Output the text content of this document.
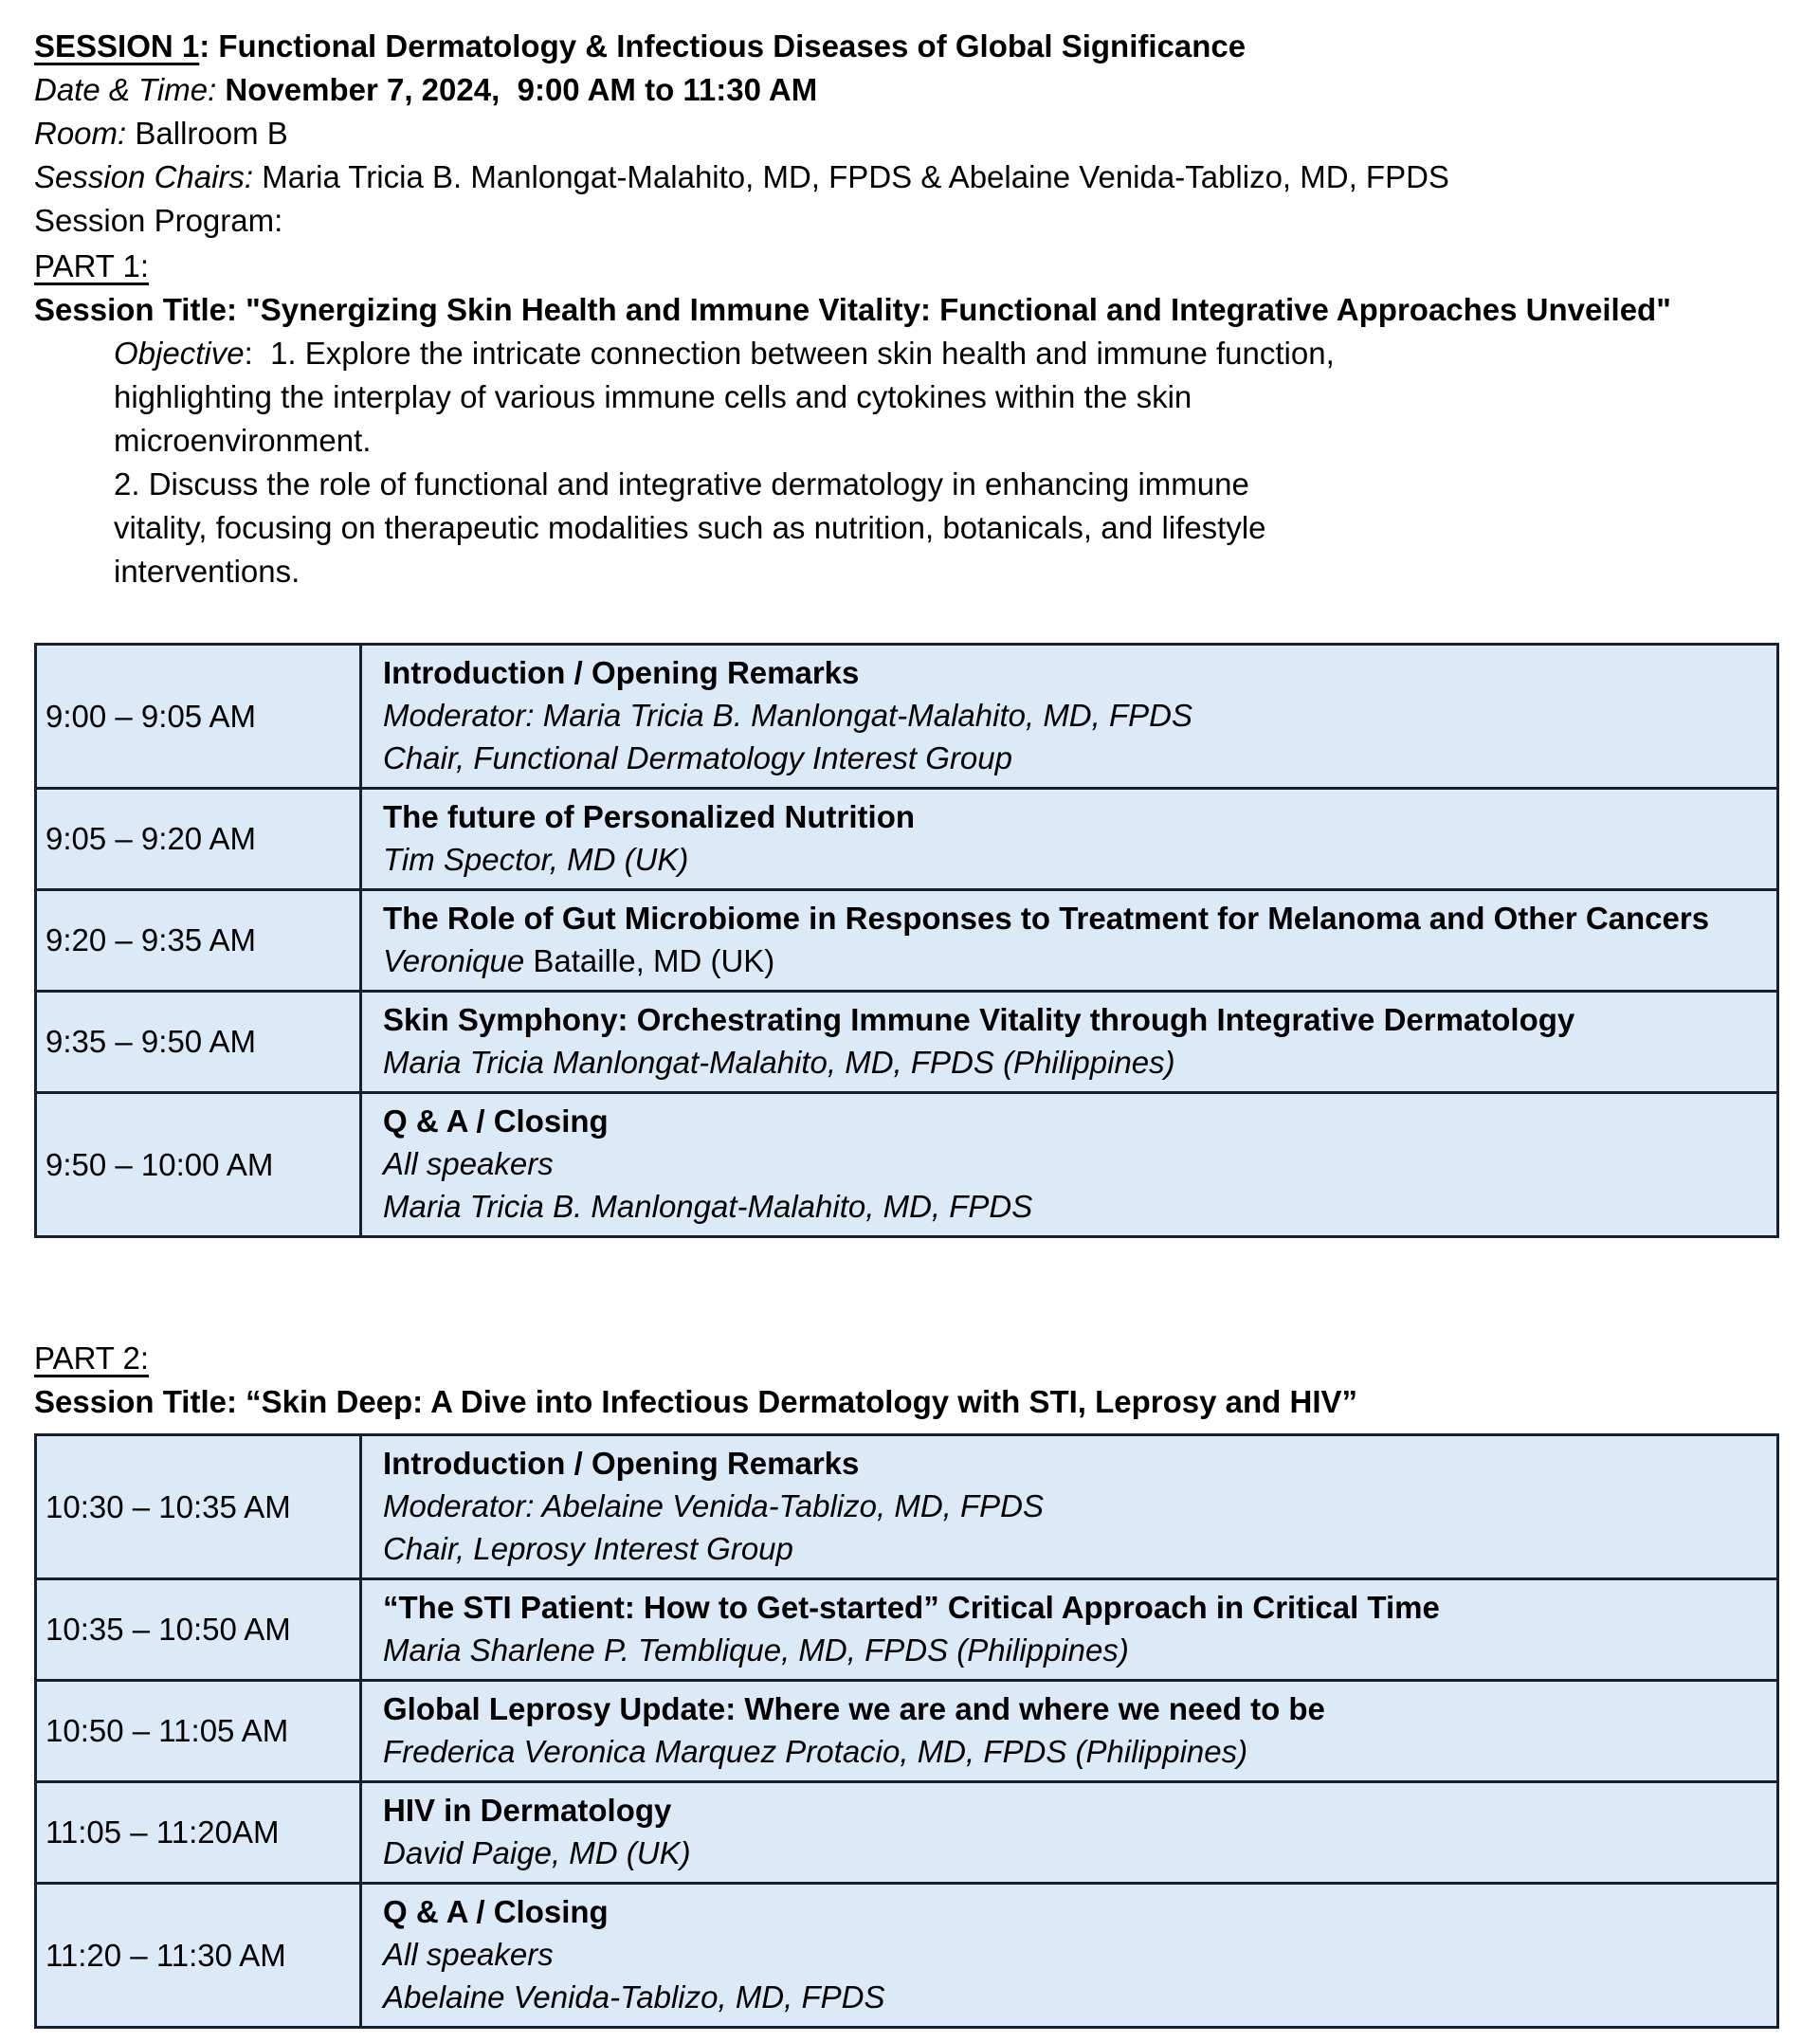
SESSION 1: Functional Dermatology & Infectious Diseases of Global Significance
Date & Time: November 7, 2024,  9:00 AM to 11:30 AM
Room: Ballroom B
Session Chairs: Maria Tricia B. Manlongat-Malahito, MD, FPDS & Abelaine Venida-Tablizo, MD, FPDS
Session Program:
PART 1:
Session Title: "Synergizing Skin Health and Immune Vitality: Functional and Integrative Approaches Unveiled"

Objective:  1. Explore the intricate connection between skin health and immune function, highlighting the interplay of various immune cells and cytokines within the skin microenvironment.

2. Discuss the role of functional and integrative dermatology in enhancing immune vitality, focusing on therapeutic modalities such as nutrition, botanicals, and lifestyle interventions.

9:00 – 9:05 AM	Introduction / Opening Remarks
Moderator: Maria Tricia B. Manlongat-Malahito, MD, FPDS
Chair, Functional Dermatology Interest Group

9:05 – 9:20 AM	The future of Personalized Nutrition
Tim Spector, MD (UK)

9:20 – 9:35 AM	The Role of Gut Microbiome in Responses to Treatment for Melanoma and Other Cancers
Veronique Bataille, MD (UK)

9:35 – 9:50 AM	Skin Symphony: Orchestrating Immune Vitality through Integrative Dermatology
Maria Tricia Manlongat-Malahito, MD, FPDS (Philippines)

9:50 – 10:00 AM	Q & A / Closing
All speakers
Maria Tricia B. Manlongat-Malahito, MD, FPDS
PART 2:
Session Title: “Skin Deep: A Dive into Infectious Dermatology with STI, Leprosy and HIV”
10:30 – 10:35 AM	Introduction / Opening Remarks
Moderator: Abelaine Venida-Tablizo, MD, FPDS
Chair, Leprosy Interest Group

10:35 – 10:50 AM	“The STI Patient: How to Get-started” Critical Approach in Critical Time
Maria Sharlene P. Temblique, MD, FPDS (Philippines)

10:50 – 11:05 AM	Global Leprosy Update: Where we are and where we need to be
Frederica Veronica Marquez Protacio, MD, FPDS (Philippines)

11:05 – 11:20AM	HIV in Dermatology
David Paige, MD (UK)

11:20 – 11:30 AM	Q & A / Closing
All speakers
Abelaine Venida-Tablizo, MD, FPDS
